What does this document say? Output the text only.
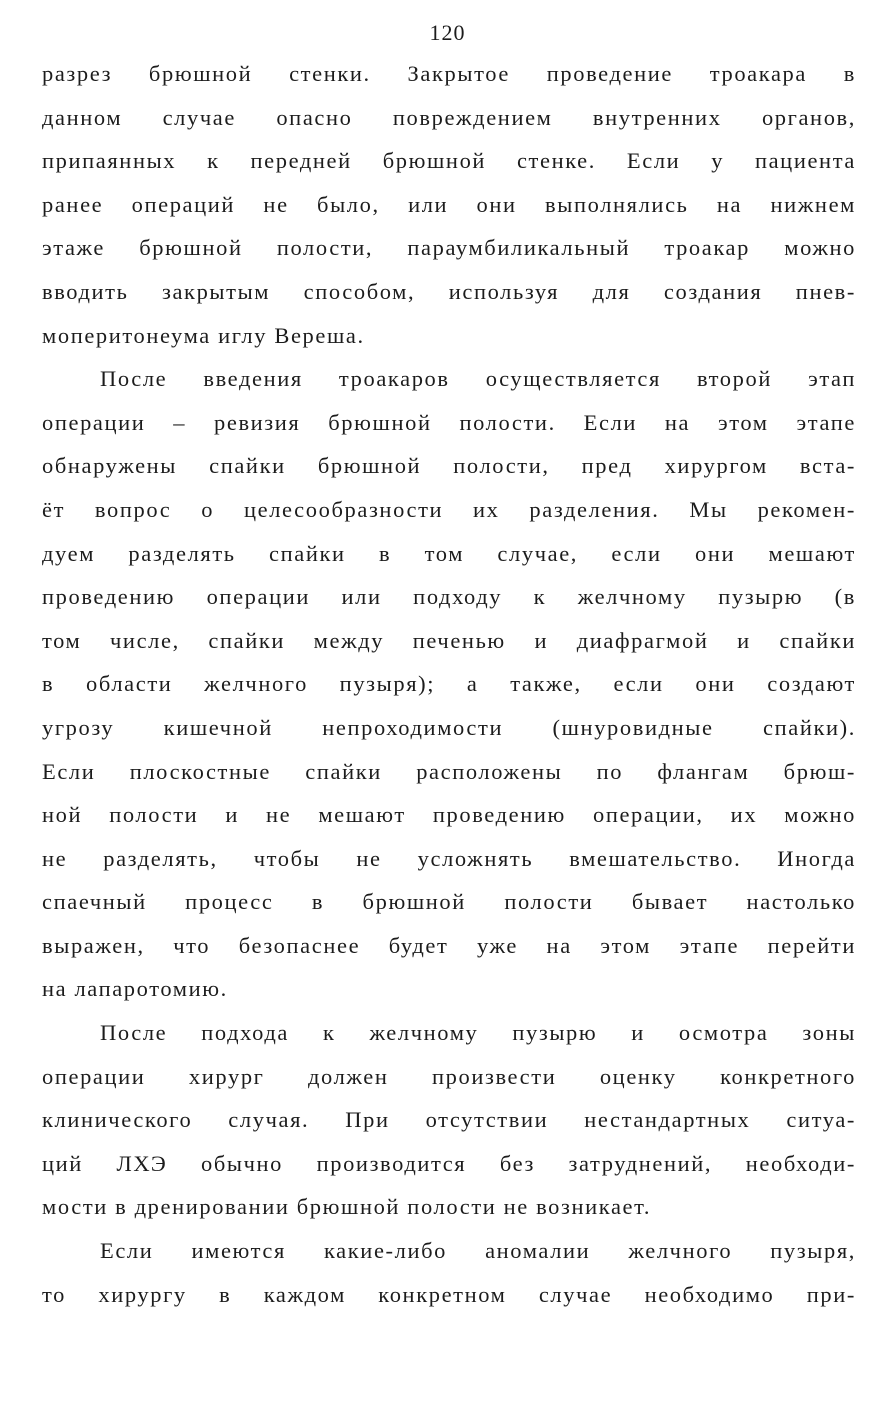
120
разрез брюшной стенки. Закрытое проведение троакара в
данном случае опасно повреждением внутренних органов,
припаянных к передней брюшной стенке. Если у пациента
ранее операций не было, или они выполнялись на нижнем
этаже брюшной полости, параумбиликальный троакар можно
вводить закрытым способом, используя для создания пнев-
моперитонеума иглу Вереша.
После введения троакаров осуществляется второй этап
операции – ревизия брюшной полости. Если на этом этапе
обнаружены спайки брюшной полости, пред хирургом вста-
ёт вопрос о целесообразности их разделения. Мы рекомен-
дуем разделять спайки в том случае, если они мешают
проведению операции или подходу к желчному пузырю (в
том числе, спайки между печенью и диафрагмой и спайки
в области желчного пузыря); а также, если они создают
угрозу кишечной непроходимости (шнуровидные спайки).
Если плоскостные спайки расположены по флангам брюш-
ной полости и не мешают проведению операции, их можно
не разделять, чтобы не усложнять вмешательство. Иногда
спаечный процесс в брюшной полости бывает настолько
выражен, что безопаснее будет уже на этом этапе перейти
на лапаротомию.
После подхода к желчному пузырю и осмотра зоны
операции хирург должен произвести оценку конкретного
клинического случая. При отсутствии нестандартных ситуа-
ций ЛХЭ обычно производится без затруднений, необходи-
мости в дренировании брюшной полости не возникает.
Если имеются какие-либо аномалии желчного пузыря,
то хирургу в каждом конкретном случае необходимо при-
